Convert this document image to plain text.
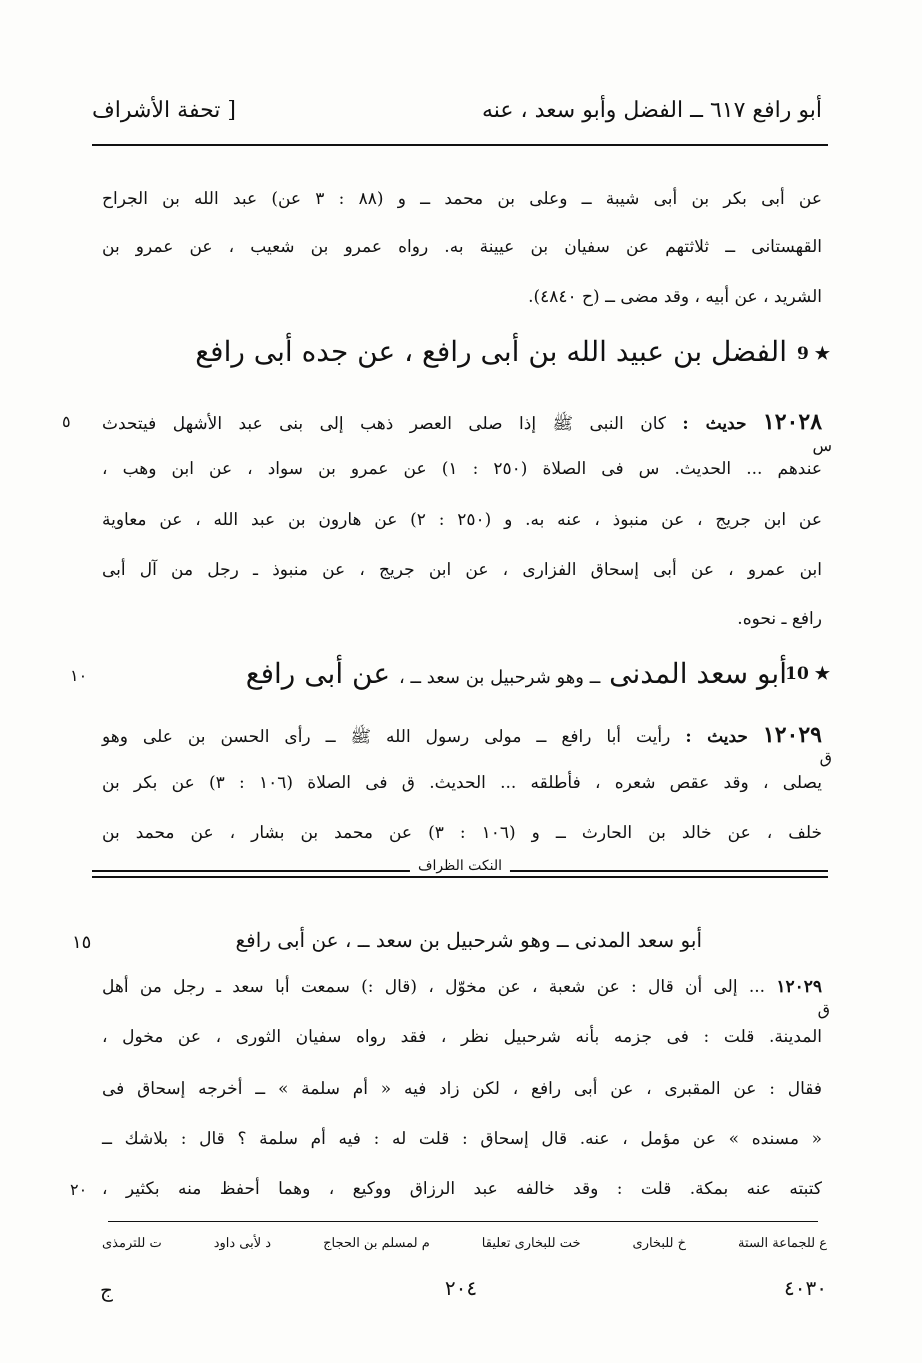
أبو رافع ٦١٧ ــ الفضل وأبو سعد ، عنه
[ تحفة الأشراف
عن أبى بكر بن أبى شيبة ــ وعلى بن محمد ــ و (٨٨ : ٣ عن) عبد الله بن الجراح
القهستانى ــ ثلاثتهم عن سفيان بن عيينة به. رواه عمرو بن شعيب ، عن عمرو بن
الشريد ، عن أبيه ، وقد مضى ــ (ح ٤٨٤٠).
9 ★
الفضل بن عبيد الله بن أبى رافع ، عن جده أبى رافع
١٢٠٢٨ حديث : كان النبى ﷺ إذا صلى العصر ذهب إلى بنى عبد الأشهل فيتحدث
٥
س
عندهم ... الحديث. س فى الصلاة (٢٥٠ : ١) عن عمرو بن سواد ، عن ابن وهب ،
عن ابن جريج ، عن منبوذ ، عنه به. و (٢٥٠ : ٢) عن هارون بن عبد الله ، عن معاوية
ابن عمرو ، عن أبى إسحاق الفزارى ، عن ابن جريج ، عن منبوذ ـ رجل من آل أبى
رافع ـ نحوه.
10 ★
أبو سعد المدنى ــ وهو شرحبيل بن سعد ــ ، عن أبى رافع
١٠
١٢٠٢٩ حديث : رأيت أبا رافع ــ مولى رسول الله ﷺ ــ رأى الحسن بن على وهو
ق
يصلى ، وقد عقص شعره ، فأطلقه ... الحديث. ق فى الصلاة (١٠٦ : ٣) عن بكر بن
خلف ، عن خالد بن الحارث ــ و (١٠٦ : ٣) عن محمد بن بشار ، عن محمد بن
النكت الظراف
١٥	أبو سعد المدنى ــ وهو شرحبيل بن سعد ــ ، عن أبى رافع
١٢٠٢٩ ... إلى أن قال : عن شعبة ، عن مخوّل ، (قال :) سمعت أبا سعد ـ رجل من أهل
ق
المدينة. قلت : فى جزمه بأنه شرحبيل نظر ، فقد رواه سفيان الثورى ، عن مخول ،
فقال : عن المقبرى ، عن أبى رافع ، لكن زاد فيه « أم سلمة » ــ أخرجه إسحاق فى
« مسنده » عن مؤمل ، عنه. قال إسحاق : قلت له : فيه أم سلمة ؟ قال : بلاشك ــ
كتبته عنه بمكة. قلت : وقد خالفه عبد الرزاق ووكيع ، وهما أحفظ منه بكثير ،
٢٠
ع للجماعة الستة
خ للبخارى
خت للبخارى تعليقا
م لمسلم بن الحجاج
د لأبى داود
ت للترمذى
ج	٢٠٤	٤٠٣٠
